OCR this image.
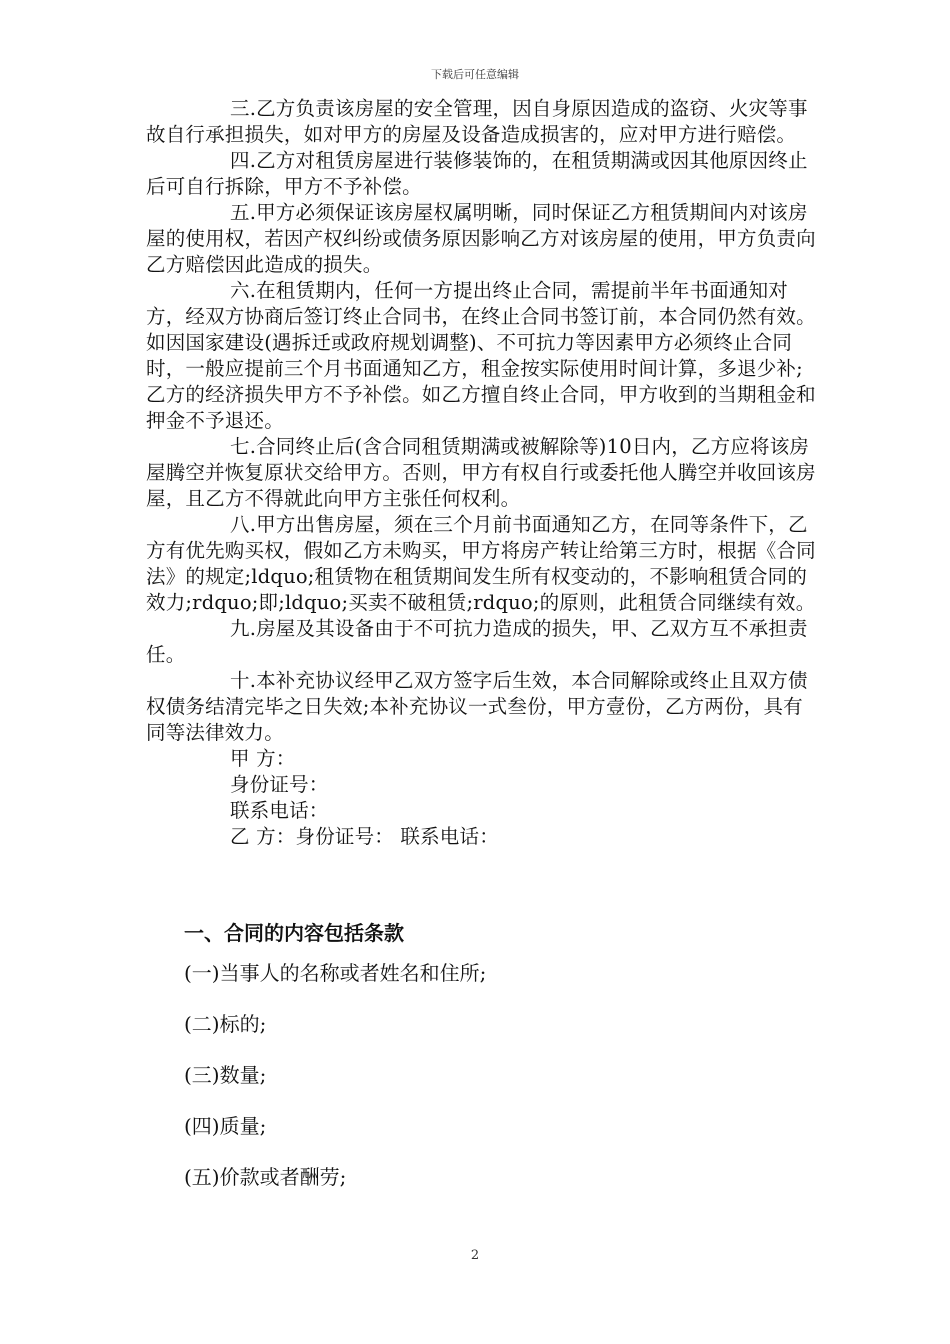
下载后可任意编辑

三.乙方负责该房屋的安全管理，因自身原因造成的盗窃、火灾等事故自行承担损失，如对甲方的房屋及设备造成损害的，应对甲方进行赔偿。

四.乙方对租赁房屋进行装修装饰的，在租赁期满或因其他原因终止后可自行拆除，甲方不予补偿。

五.甲方必须保证该房屋权属明晰，同时保证乙方租赁期间内对该房屋的使用权，若因产权纠纷或债务原因影响乙方对该房屋的使用，甲方负责向乙方赔偿因此造成的损失。

六.在租赁期内，任何一方提出终止合同，需提前半年书面通知对方，经双方协商后签订终止合同书，在终止合同书签订前，本合同仍然有效。如因国家建设(遇拆迁或政府规划调整)、不可抗力等因素甲方必须终止合同时，一般应提前三个月书面通知乙方，租金按实际使用时间计算，多退少补;乙方的经济损失甲方不予补偿。如乙方擅自终止合同，甲方收到的当期租金和押金不予退还。

七.合同终止后(含合同租赁期满或被解除等)10日内，乙方应将该房屋腾空并恢复原状交给甲方。否则，甲方有权自行或委托他人腾空并收回该房屋，且乙方不得就此向甲方主张任何权利。

八.甲方出售房屋，须在三个月前书面通知乙方，在同等条件下，乙方有优先购买权，假如乙方未购买，甲方将房产转让给第三方时，根据《合同法》的规定;ldquo;租赁物在租赁期间发生所有权变动的，不影响租赁合同的效力;rdquo;即;ldquo;买卖不破租赁;rdquo;的原则，此租赁合同继续有效。

九.房屋及其设备由于不可抗力造成的损失，甲、乙双方互不承担责任。

十.本补充协议经甲乙双方签字后生效，本合同解除或终止且双方债权债务结清完毕之日失效;本补充协议一式叁份，甲方壹份，乙方两份，具有同等法律效力。

甲 方：

身份证号：

联系电话：

乙 方：身份证号： 联系电话：

一、合同的内容包括条款

(一)当事人的名称或者姓名和住所;

(二)标的;

(三)数量;

(四)质量;

(五)价款或者酬劳;

2
